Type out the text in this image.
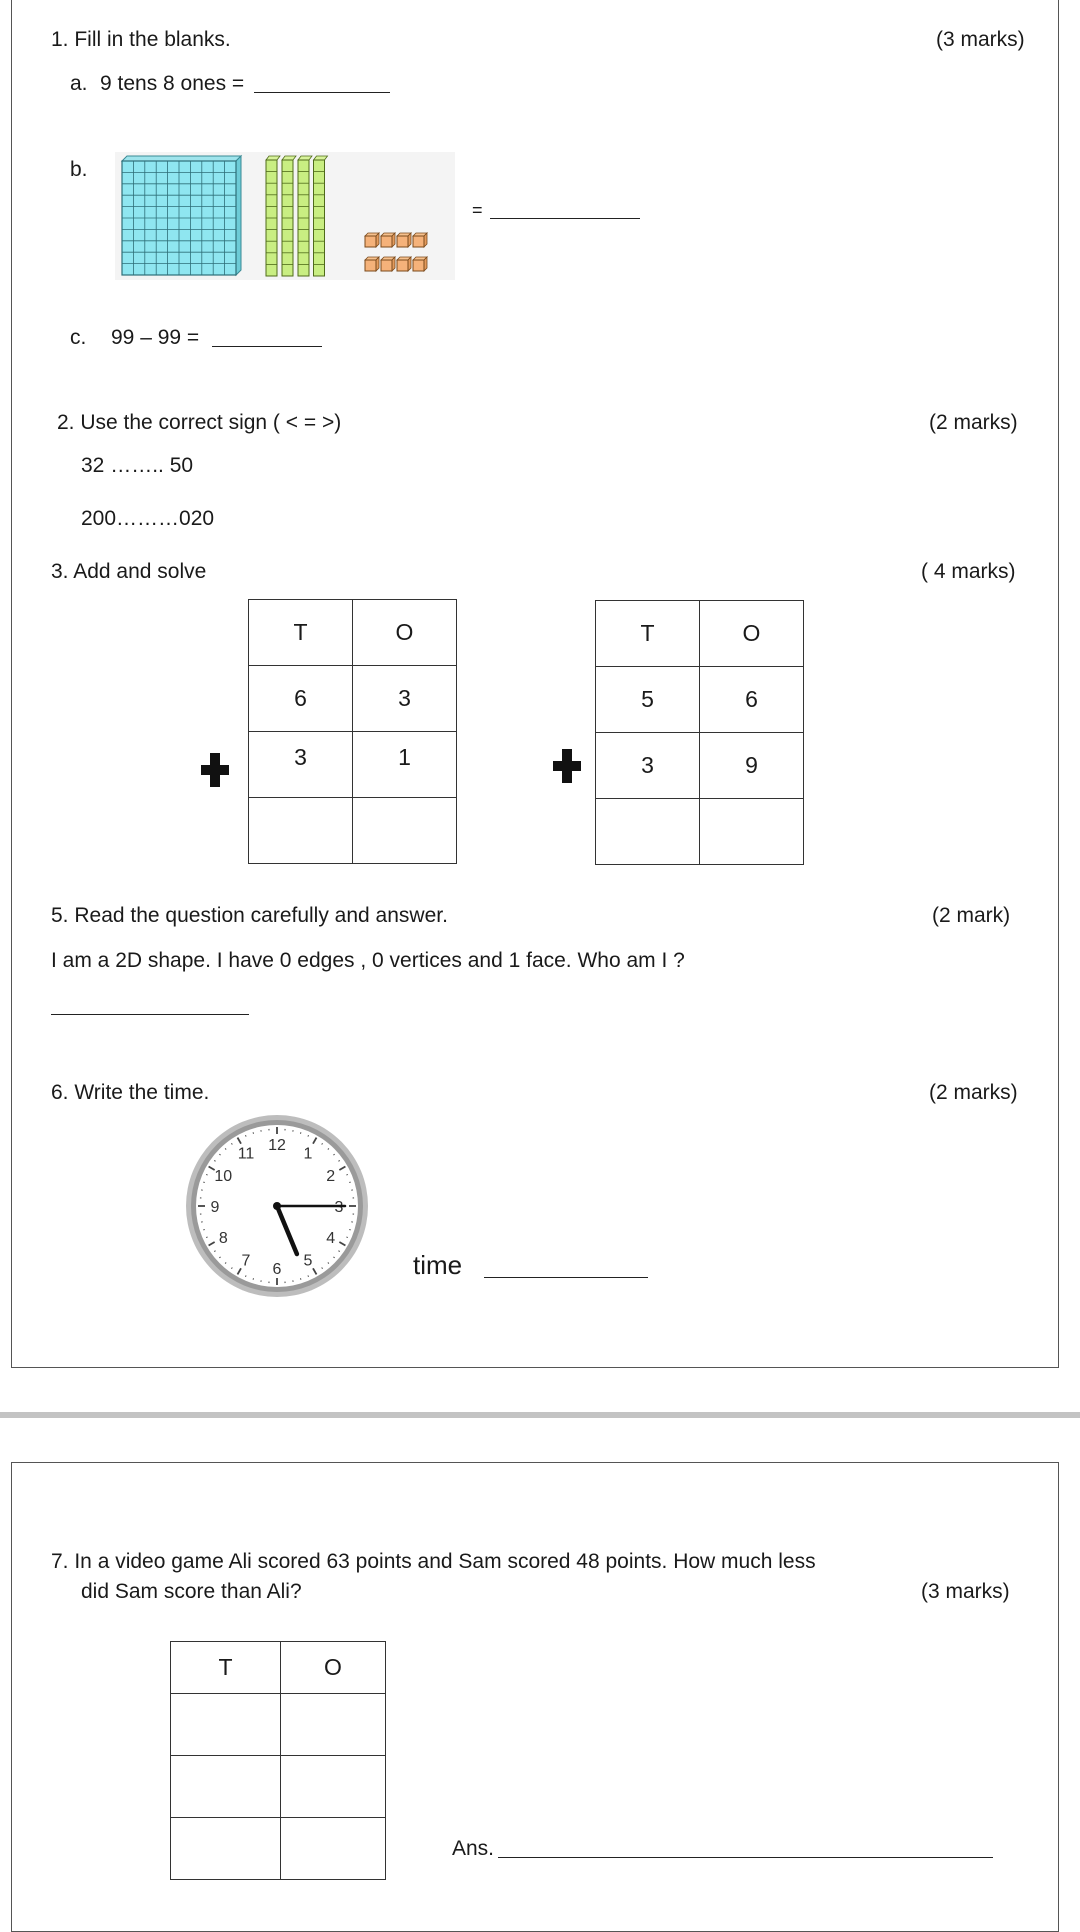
1. Fill in the blanks.	(3 marks)
a. 9 tens 8 ones =
b.
=
c. 99 – 99 =
2. Use the correct sign ( < = >)	(2 marks)
32 …….. 50
200………020
3. Add and solve	( 4 marks)
T	O
6	3
3	1

T	O
5	6
3	9

5. Read the question carefully and answer.	(2 mark)
I am a 2D shape. I have 0 edges , 0 vertices and 1 face. Who am I ?
6. Write the time.	(2 marks)
12 1
2
3
4
5
6
7
8
9
10
11
time
7. In a video game Ali scored 63 points and Sam scored 48 points. How much less
did Sam score than Ali?	(3 marks)
T	O

Ans.
